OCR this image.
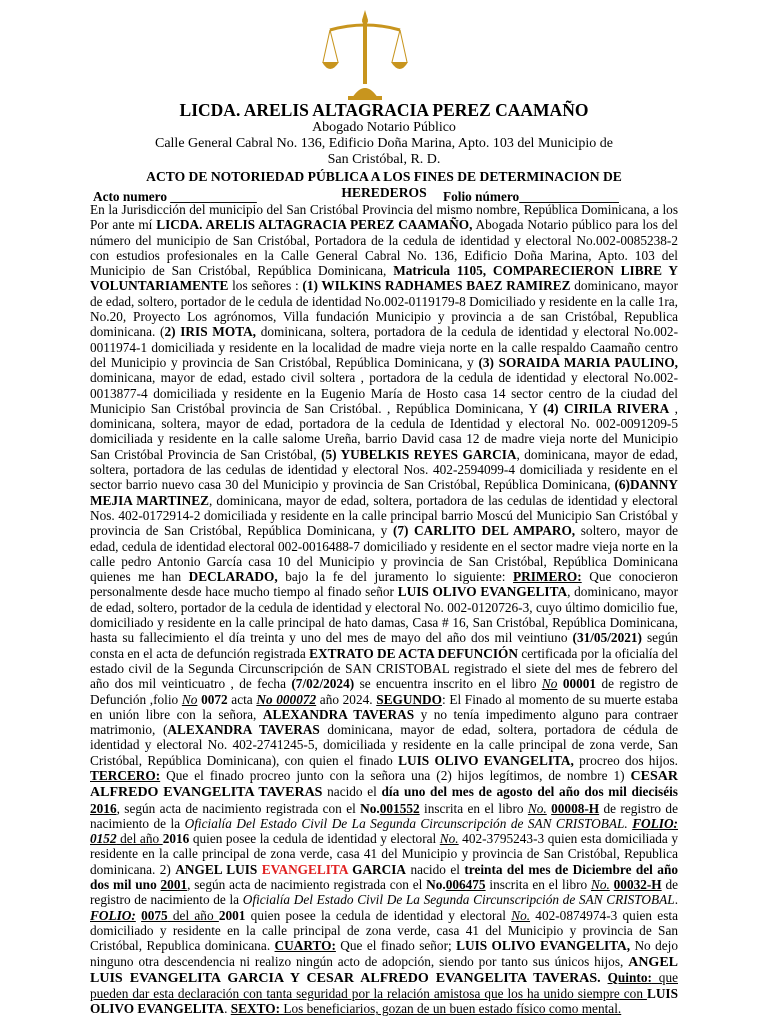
LICDA. ARELIS ALTAGRACIA PEREZ CAAMAÑO
Abogado Notario Público
Calle General Cabral No. 136, Edificio Doña Marina, Apto. 103 del Municipio de
San Cristóbal, R. D.
ACTO DE NOTORIEDAD PÚBLICA A LOS FINES DE DETERMINACION DE
HEREDEROS
Acto numero _____________	Folio número_______________

En la Jurisdicción del municipio del San Cristóbal Provincia del mismo nombre, República Dominicana, a los Por ante mí LICDA. ARELIS ALTAGRACIA PEREZ CAAMAÑO, Abogada Notario público para los del número del municipio de San Cristóbal, Portadora de la cedula de identidad y electoral No.002-0085238-2 con estudios profesionales en la Calle General Cabral No. 136, Edificio Doña Marina, Apto. 103 del Municipio de San Cristóbal, República Dominicana, Matricula 1105, COMPARECIERON LIBRE Y VOLUNTARIAMENTE los señores : (1) WILKINS RADHAMES BAEZ RAMIREZ dominicano, mayor de edad, soltero, portador de le cedula de identidad No.002-0119179-8 Domiciliado y residente en la calle 1ra, No.20, Proyecto Los agrónomos, Villa fundación Municipio y provincia a de san Cristóbal, Republica dominicana. (2) IRIS MOTA, dominicana, soltera, portadora de la cedula de identidad y electoral No.002-0011974-1 domiciliada y residente en la localidad de madre vieja norte en la calle respaldo Caamaño centro del Municipio y provincia de San Cristóbal, República Dominicana, y (3) SORAIDA MARIA PAULINO, dominicana, mayor de edad, estado civil soltera , portadora de la cedula de identidad y electoral No.002-0013877-4 domiciliada y residente en la Eugenio María de Hosto casa 14 sector centro de la ciudad del Municipio San Cristóbal provincia de San Cristóbal. , República Dominicana, Y (4) CIRILA RIVERA , dominicana, soltera, mayor de edad, portadora de la cedula de Identidad y electoral No. 002-0091209-5 domiciliada y residente en la calle salome Ureña, barrio David casa 12 de madre vieja norte del Municipio San Cristóbal Provincia de San Cristóbal, (5) YUBELKIS REYES GARCIA, dominicana, mayor de edad, soltera, portadora de las cedulas de identidad y electoral Nos. 402-2594099-4 domiciliada y residente en el sector barrio nuevo casa 30 del Municipio y provincia de San Cristóbal, República Dominicana, (6)DANNY MEJIA MARTINEZ, dominicana, mayor de edad, soltera, portadora de las cedulas de identidad y electoral Nos. 402-0172914-2 domiciliada y residente en la calle principal barrio Moscú del Municipio San Cristóbal y provincia de San Cristóbal, República Dominicana, y (7) CARLITO DEL AMPARO, soltero, mayor de edad, cedula de identidad electoral 002-0016488-7 domiciliado y residente en el sector madre vieja norte en la calle pedro Antonio García casa 10 del Municipio y provincia de San Cristóbal, República Dominicana quienes me han DECLARADO, bajo la fe del juramento lo siguiente: PRIMERO: Que conocieron personalmente desde hace mucho tiempo al finado señor LUIS OLIVO EVANGELITA, dominicano, mayor de edad, soltero, portador de la cedula de identidad y electoral No. 002-0120726-3, cuyo último domicilio fue, domiciliado y residente en la calle principal de hato damas, Casa # 16, San Cristóbal, República Dominicana, hasta su fallecimiento el día treinta y uno del mes de mayo del año dos mil veintiuno (31/05/2021) según consta en el acta de defunción registrada EXTRATO DE ACTA DEFUNCIÓN certificada por la oficialía del estado civil de la Segunda Circunscripción de SAN CRISTOBAL registrado el siete del mes de febrero del año dos mil veinticuatro , de fecha (7/02/2024) se encuentra inscrito en el libro No 00001 de registro de Defunción ,folio No 0072 acta No 000072 año 2024. SEGUNDO: El Finado al momento de su muerte estaba en unión libre con la señora, ALEXANDRA TAVERAS y no tenía impedimento alguno para contraer matrimonio, (ALEXANDRA TAVERAS dominicana, mayor de edad, soltera, portadora de cédula de identidad y electoral No. 402-2741245-5, domiciliada y residente en la calle principal de zona verde, San Cristóbal, República Dominicana), con quien el finado LUIS OLIVO EVANGELITA, procreo dos hijos. TERCERO: Que el finado procreo junto con la señora una (2) hijos legítimos, de nombre 1) CESAR ALFREDO EVANGELITA TAVERAS nacido el día uno del mes de agosto del año dos mil dieciséis 2016, según acta de nacimiento registrada con el No.001552 inscrita en el libro No. 00008-H de registro de nacimiento de la Oficialía Del Estado Civil De La Segunda Circunscripción de SAN CRISTOBAL. FOLIO: 0152 del año 2016 quien posee la cedula de identidad y electoral No. 402-3795243-3 quien esta domiciliada y residente en la calle principal de zona verde, casa 41 del Municipio y provincia de San Cristóbal, Republica dominicana. 2) ANGEL LUIS EVANGELITA GARCIA nacido el treinta del mes de Diciembre del año dos mil uno 2001, según acta de nacimiento registrada con el No.006475 inscrita en el libro No. 00032-H de registro de nacimiento de la Oficialía Del Estado Civil De La Segunda Circunscripción de SAN CRISTOBAL. FOLIO: 0075 del año 2001 quien posee la cedula de identidad y electoral No. 402-0874974-3 quien esta domiciliado y residente en la calle principal de zona verde, casa 41 del Municipio y provincia de San Cristóbal, Republica dominicana. CUARTO: Que el finado señor; LUIS OLIVO EVANGELITA, No dejo ninguno otra descendencia ni realizo ningún acto de adopción, siendo por tanto sus únicos hijos, ANGEL LUIS EVANGELITA GARCIA Y CESAR ALFREDO EVANGELITA TAVERAS. Quinto: que pueden dar esta declaración con tanta seguridad por la relación amistosa que los ha unido siempre con LUIS OLIVO EVANGELITA. SEXTO: Los beneficiarios, gozan de un buen estado físico como mental.
